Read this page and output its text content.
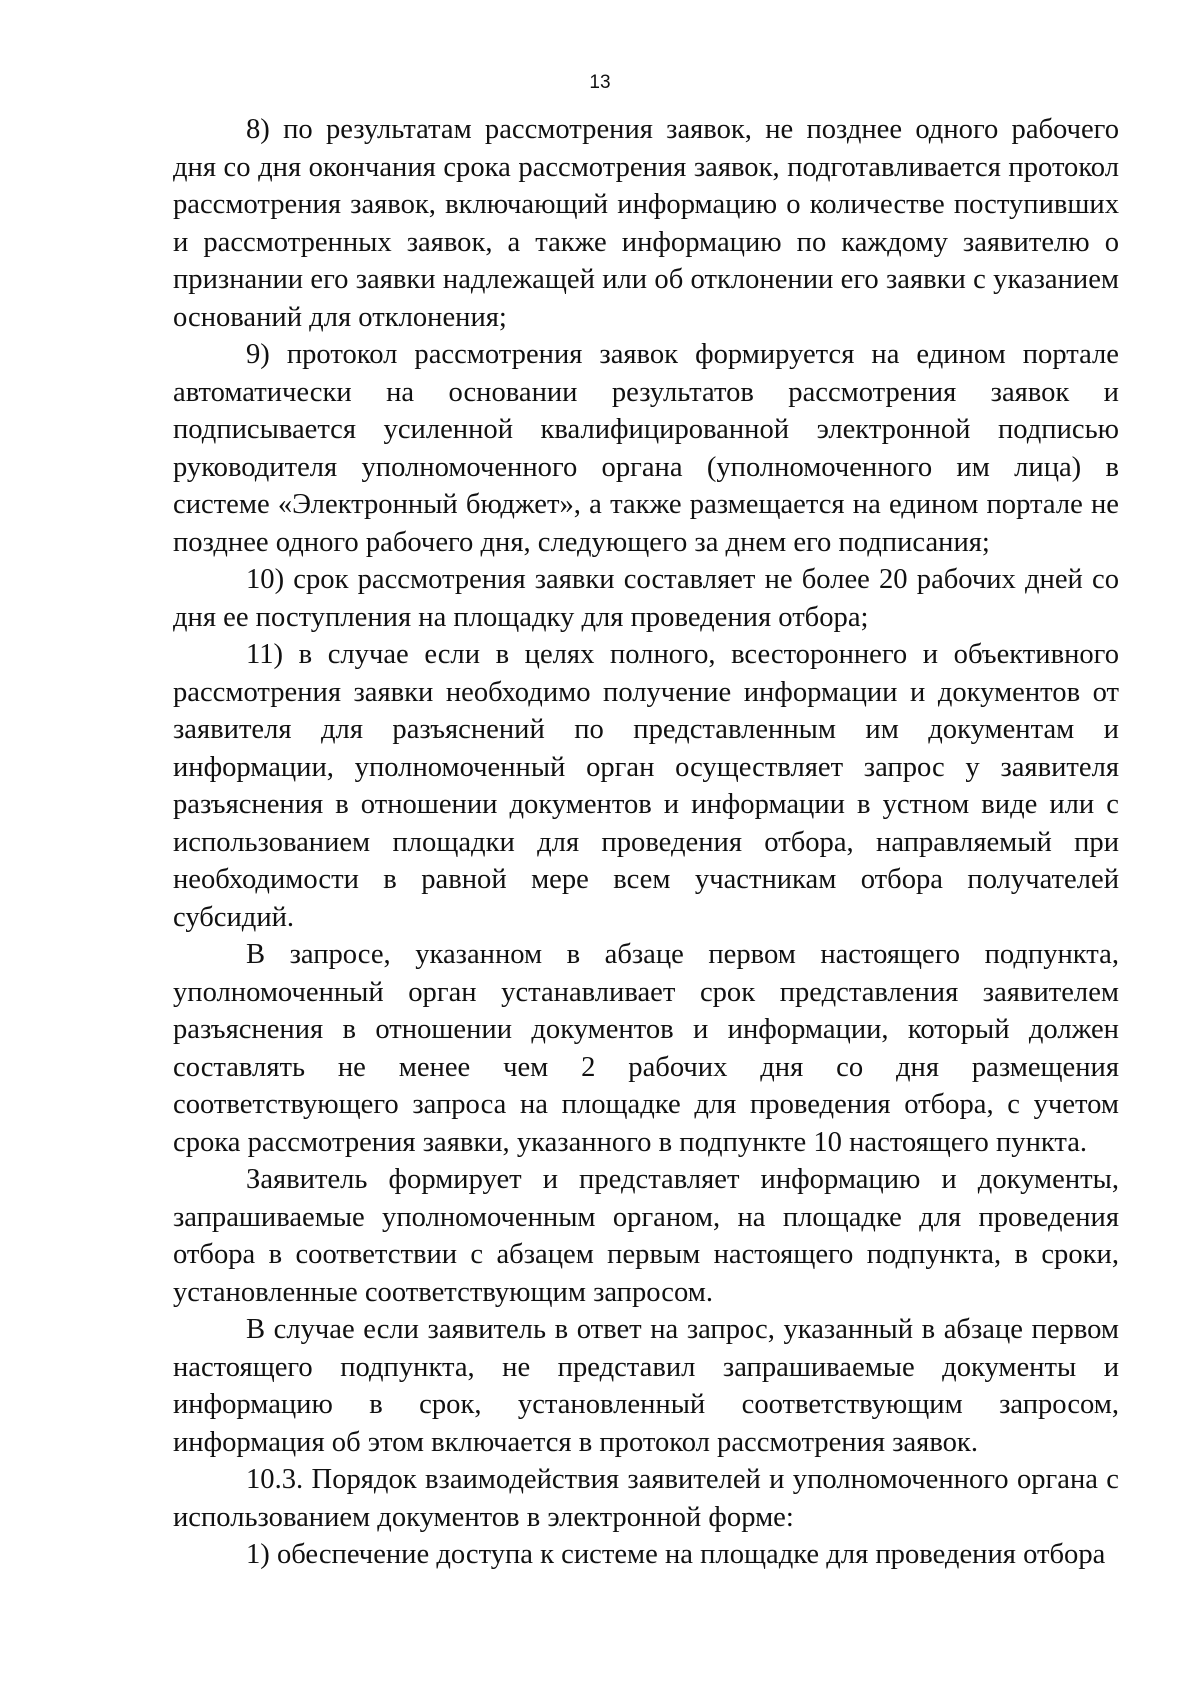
13

8) по результатам рассмотрения заявок, не позднее одного рабочего дня со дня окончания срока рассмотрения заявок, подготавливается протокол рассмотрения заявок, включающий информацию о количестве поступивших и рассмотренных заявок, а также информацию по каждому заявителю о признании его заявки надлежащей или об отклонении его заявки с указанием оснований для отклонения;

9) протокол рассмотрения заявок формируется на едином портале автоматически на основании результатов рассмотрения заявок и подписывается усиленной квалифицированной электронной подписью руководителя уполномоченного органа (уполномоченного им лица) в системе «Электронный бюджет», а также размещается на едином портале не позднее одного рабочего дня, следующего за днем его подписания;

10) срок рассмотрения заявки составляет не более 20 рабочих дней со дня ее поступления на площадку для проведения отбора;

11) в случае если в целях полного, всестороннего и объективного рассмотрения заявки необходимо получение информации и документов от заявителя для разъяснений по представленным им документам и информации, уполномоченный орган осуществляет запрос у заявителя разъяснения в отношении документов и информации в устном виде или с использованием площадки для проведения отбора, направляемый при необходимости в равной мере всем участникам отбора получателей субсидий.

В запросе, указанном в абзаце первом настоящего подпункта, уполномоченный орган устанавливает срок представления заявителем разъяснения в отношении документов и информации, который должен составлять не менее чем 2 рабочих дня со дня размещения соответствующего запроса на площадке для проведения отбора, с учетом срока рассмотрения заявки, указанного в подпункте 10 настоящего пункта.

Заявитель формирует и представляет информацию и документы, запрашиваемые уполномоченным органом, на площадке для проведения отбора в соответствии с абзацем первым настоящего подпункта, в сроки, установленные соответствующим запросом.

В случае если заявитель в ответ на запрос, указанный в абзаце первом настоящего подпункта, не представил запрашиваемые документы и информацию в срок, установленный соответствующим запросом, информация об этом включается в протокол рассмотрения заявок.

10.3. Порядок взаимодействия заявителей и уполномоченного органа с использованием документов в электронной форме:

1) обеспечение доступа к системе на площадке для проведения отбора
